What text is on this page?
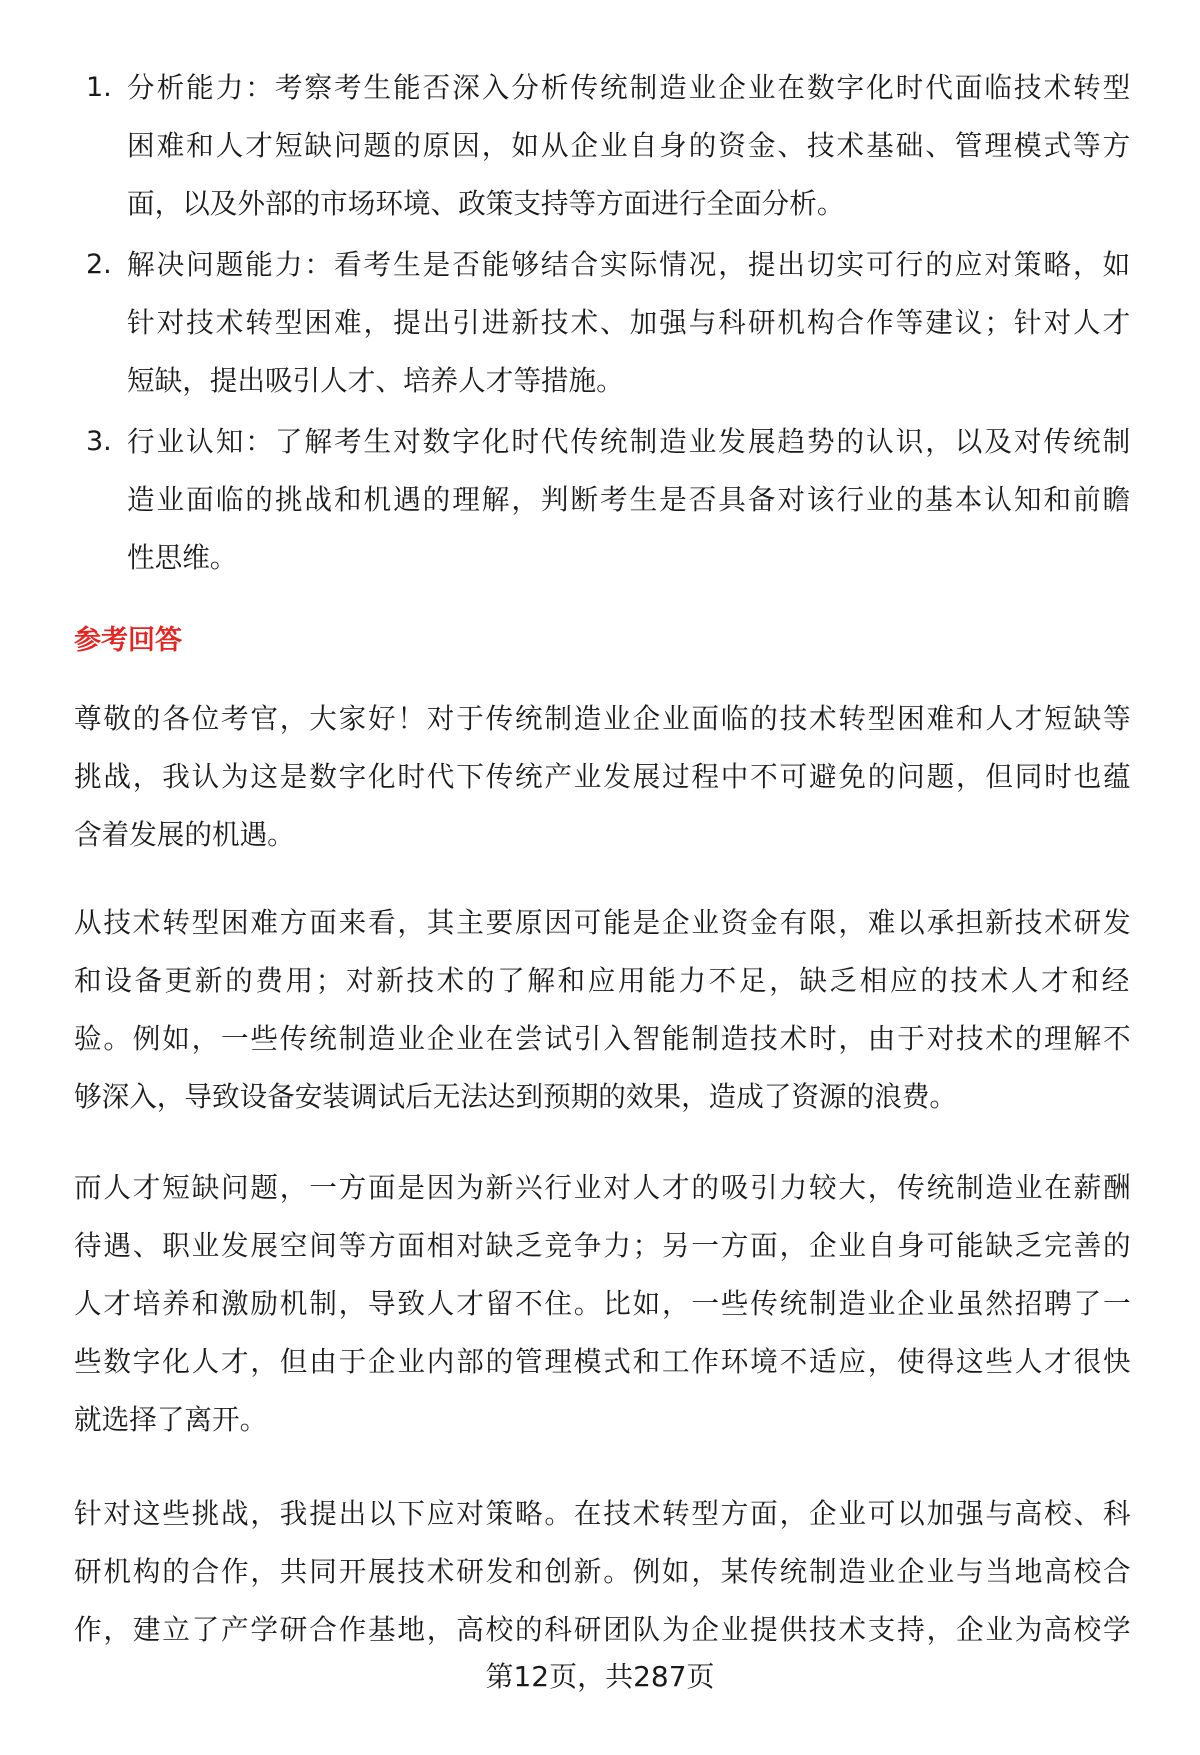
1. 分析能力：考察考生能否深入分析传统制造业企业在数字化时代面临技术转型
困难和人才短缺问题的原因，如从企业自身的资金、技术基础、管理模式等方
面，以及外部的市场环境、政策支持等方面进行全面分析。
2. 解决问题能力：看考生是否能够结合实际情况，提出切实可行的应对策略，如
针对技术转型困难，提出引进新技术、加强与科研机构合作等建议；针对人才
短缺，提出吸引人才、培养人才等措施。
3. 行业认知：了解考生对数字化时代传统制造业发展趋势的认识，以及对传统制
造业面临的挑战和机遇的理解，判断考生是否具备对该行业的基本认知和前瞻
性思维。
尊敬的各位考官，大家好！对于传统制造业企业面临的技术转型困难和人才短缺等
挑战，我认为这是数字化时代下传统产业发展过程中不可避免的问题，但同时也蕴
含着发展的机遇。
从技术转型困难方面来看，其主要原因可能是企业资金有限，难以承担新技术研发
和设备更新的费用；对新技术的了解和应用能力不足，缺乏相应的技术人才和经
验。例如，一些传统制造业企业在尝试引入智能制造技术时，由于对技术的理解不
够深入，导致设备安装调试后无法达到预期的效果，造成了资源的浪费。
而人才短缺问题，一方面是因为新兴行业对人才的吸引力较大，传统制造业在薪酬
待遇、职业发展空间等方面相对缺乏竞争力；另一方面，企业自身可能缺乏完善的
人才培养和激励机制，导致人才留不住。比如，一些传统制造业企业虽然招聘了一
些数字化人才，但由于企业内部的管理模式和工作环境不适应，使得这些人才很快
就选择了离开。
针对这些挑战，我提出以下应对策略。在技术转型方面，企业可以加强与高校、科
研机构的合作，共同开展技术研发和创新。例如，某传统制造业企业与当地高校合
作，建立了产学研合作基地，高校的科研团队为企业提供技术支持，企业为高校学
参考回答
第12页，共287页
